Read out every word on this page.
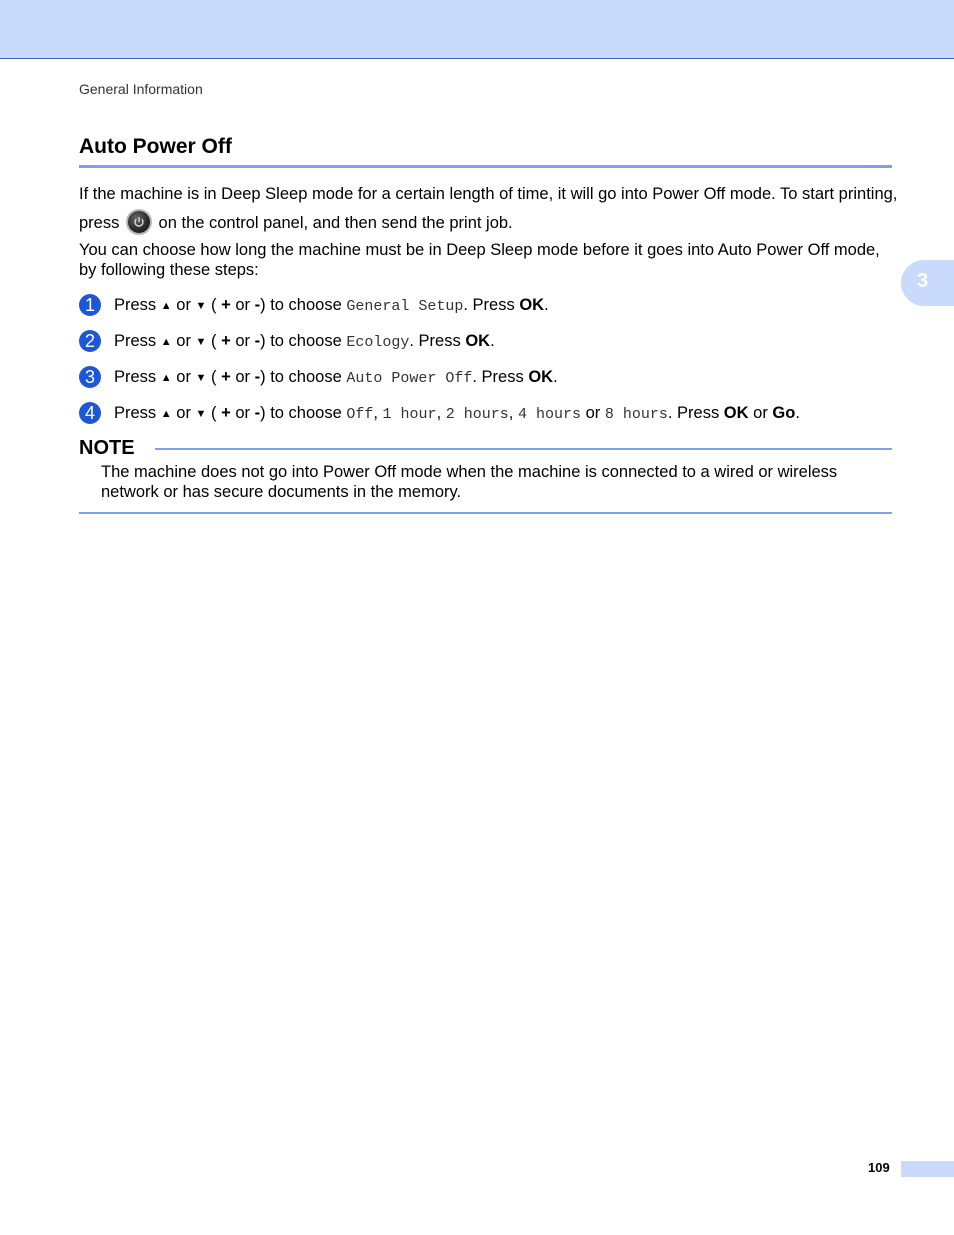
General Information
Auto Power Off

If the machine is in Deep Sleep mode for a certain length of time, it will go into Power Off mode. To start printing, press on the control panel, and then send the print job.

You can choose how long the machine must be in Deep Sleep mode before it goes into Auto Power Off mode, by following these steps:

1	Press ▲ or ▼ ( + or -) to choose General Setup. Press OK.
2	Press ▲ or ▼ ( + or -) to choose Ecology. Press OK.
3	Press ▲ or ▼ ( + or -) to choose Auto Power Off. Press OK.
4	Press ▲ or ▼ ( + or -) to choose Off, 1 hour, 2 hours, 4 hours or 8 hours. Press OK or Go.
NOTE

The machine does not go into Power Off mode when the machine is connected to a wired or wireless network or has secure documents in the memory.

3
109
